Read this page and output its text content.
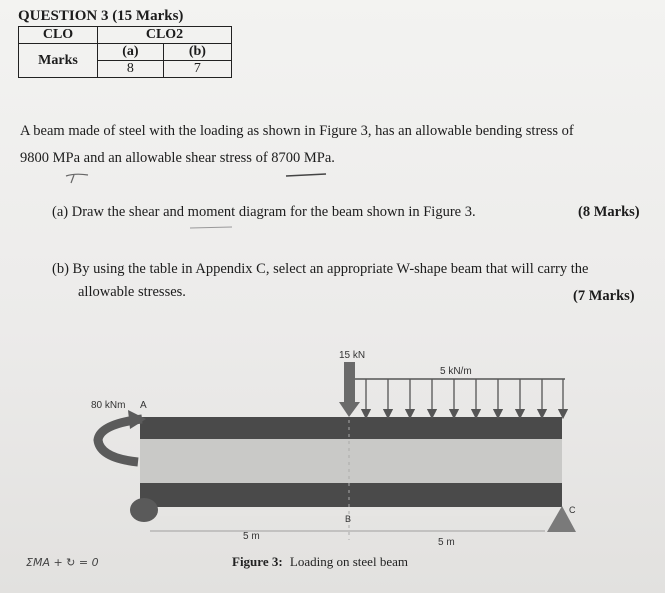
QUESTION 3 (15 Marks)
CLO	CLO2	
Marks	(a)	(b)
	8	7
A beam made of steel with the loading as shown in Figure 3, has an allowable bending stress of
9800 MPa and an allowable shear stress of 8700 MPa.
(a) Draw the shear and moment diagram for the beam shown in Figure 3.	(8 Marks)
(b) By using the table in Appendix C, select an appropriate W-shape beam that will carry the
allowable stresses.	(7 Marks)
80 kNm A
15 kN
5 kN/m
B
C
5 m
5 m
Figure 3: Loading on steel beam
ΣMA + ↻ = 0
